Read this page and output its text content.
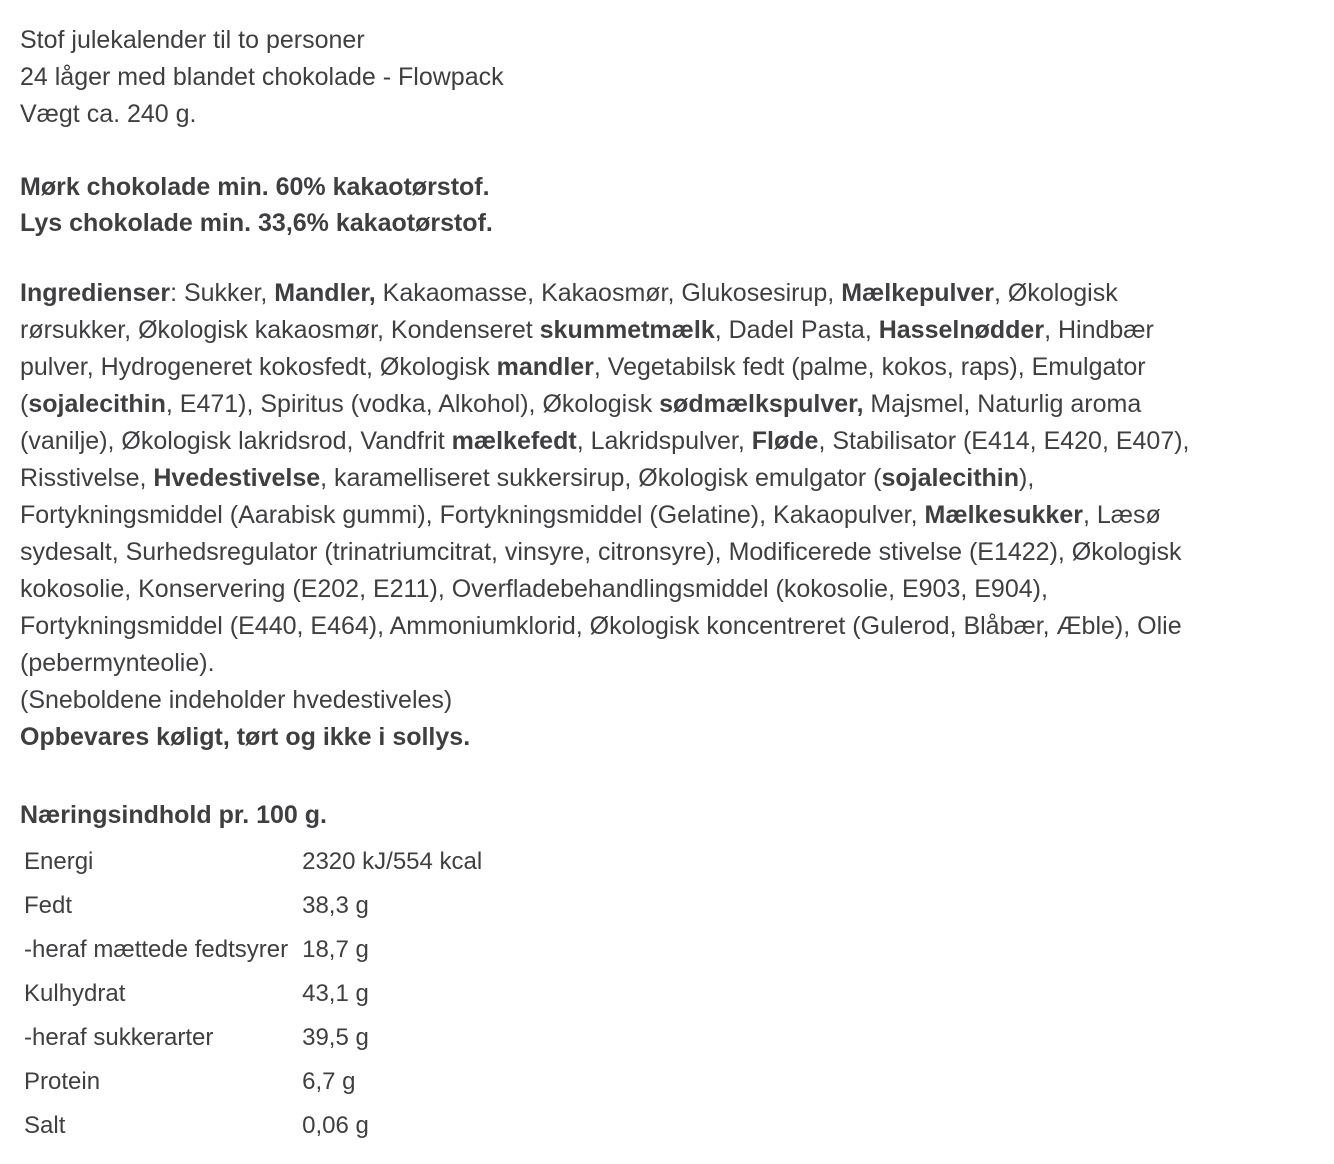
Stof julekalender til to personer
24 låger med blandet chokolade - Flowpack
Vægt ca. 240 g.
Mørk chokolade min. 60% kakaotørstof.
Lys chokolade min. 33,6% kakaotørstof.
Ingredienser: Sukker, Mandler, Kakaomasse, Kakaosmør, Glukosesirup, Mælkepulver, Økologisk rørsukker, Økologisk kakaosmør, Kondenseret skummetmælk, Dadel Pasta, Hasselnødder, Hindbær pulver, Hydrogeneret kokosfedt, Økologisk mandler, Vegetabilsk fedt (palme, kokos, raps), Emulgator (sojalecithin, E471), Spiritus (vodka, Alkohol), Økologisk sødmælkspulver, Majsmel, Naturlig aroma (vanilje), Økologisk lakridsrod, Vandfrit mælkefedt, Lakridspulver, Fløde, Stabilisator (E414, E420, E407), Risstivelse, Hvedestivelse, karamelliseret sukkersirup, Økologisk emulgator (sojalecithin), Fortykningsmiddel (Aarabisk gummi), Fortykningsmiddel (Gelatine), Kakaopulver, Mælkesukker, Læsø sydesalt, Surhedsregulator (trinatriumcitrat, vinsyre, citronsyre), Modificerede stivelse (E1422), Økologisk kokosolie, Konservering (E202, E211), Overfladebehandlingsmiddel (kokosolie, E903, E904), Fortykningsmiddel (E440, E464), Ammoniumklorid, Økologisk koncentreret (Gulerod, Blåbær, Æble), Olie (pebermynteolie).
(Sneboldene indeholder hvedestiveles)
Opbevares køligt, tørt og ikke i sollys.
Næringsindhold pr. 100 g.
Energi	2320 kJ/554 kcal
Fedt	38,3 g
-heraf mættede fedtsyrer	18,7 g
Kulhydrat	43,1 g
-heraf sukkerarter	39,5 g
Protein	6,7 g
Salt	0,06 g
